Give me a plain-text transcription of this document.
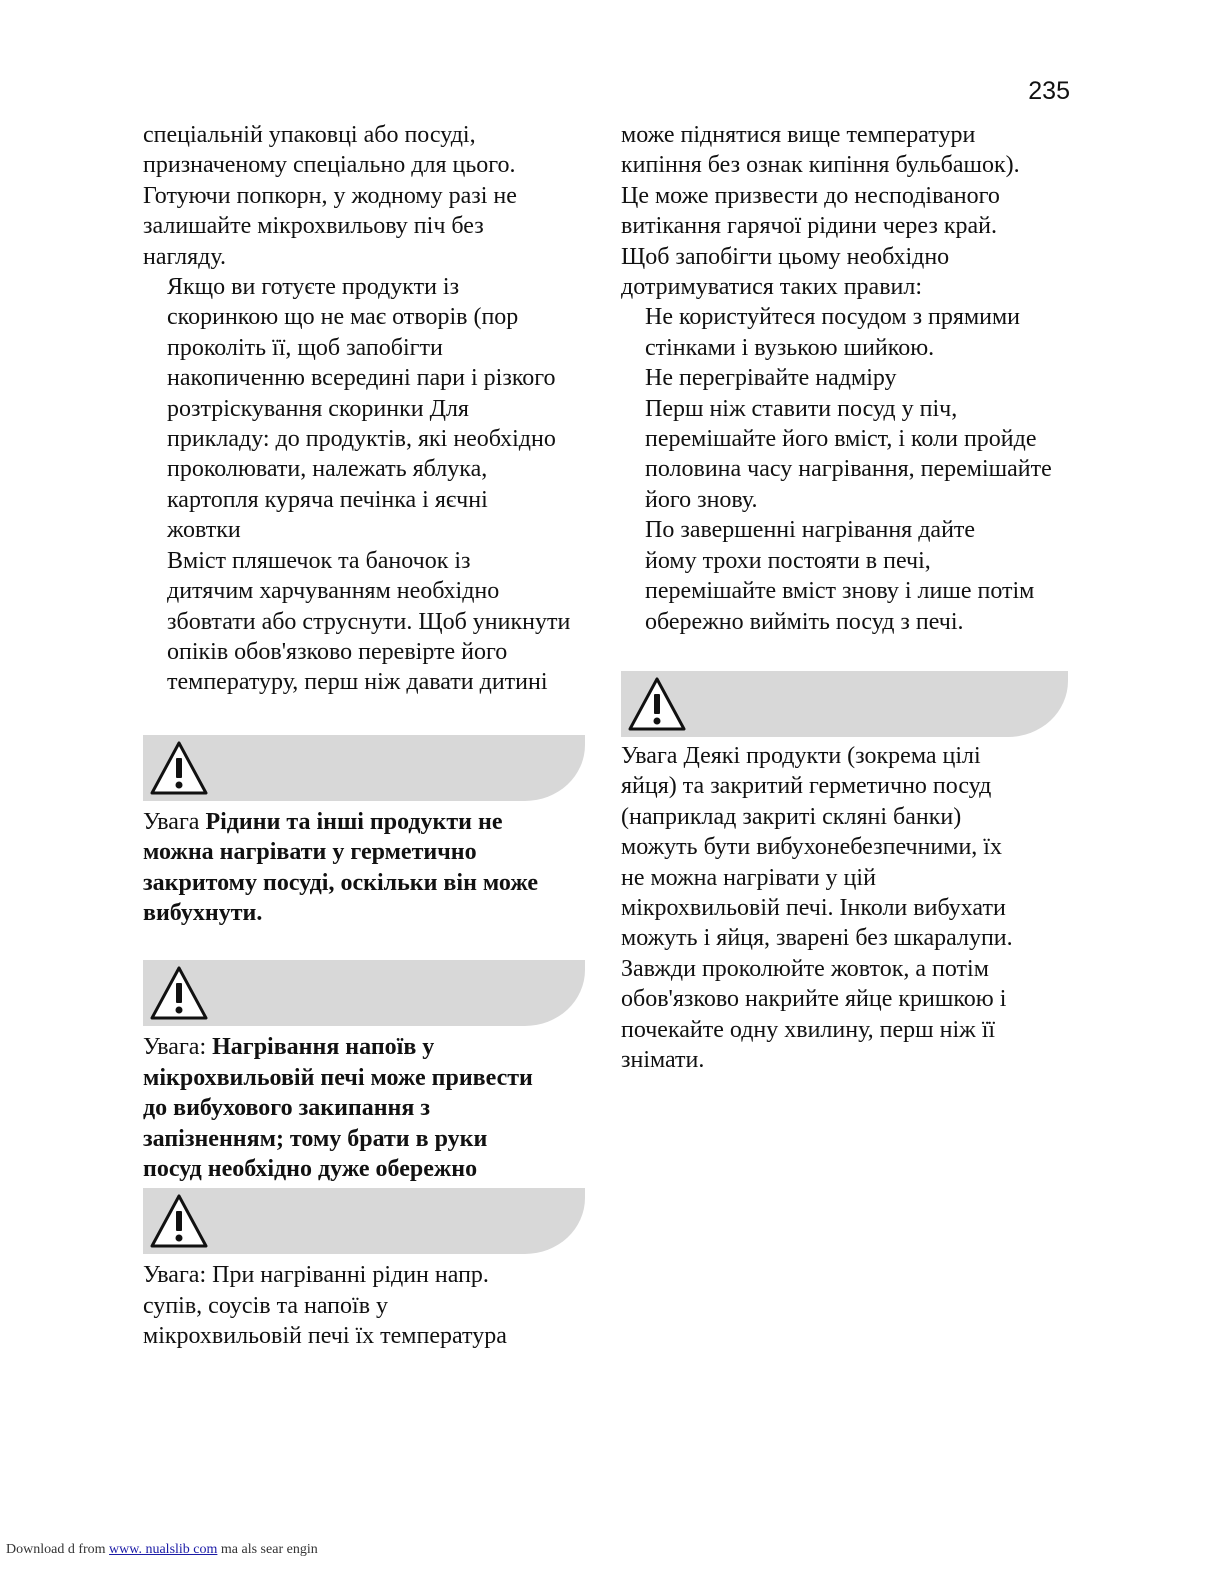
235

спеціальній упаковці або посуді,
призначеному спеціально для цього.
Готуючи попкорн, у жодному разі не
залишайте мікрохвильову піч без
нагляду.

Якщо ви готуєте продукти із
скоринкою що не має отворів (пор
проколіть її, щоб запобігти
накопиченню всередині пари і різкого
розтріскування скоринки Для
прикладу: до продуктів, які необхідно
проколювати, належать яблука,
картопля куряча печінка і яєчні
жовтки

Вміст пляшечок та баночок із
дитячим харчуванням необхідно
збовтати або струснути. Щоб уникнути
опіків обов'язково перевірте його
температуру, перш ніж давати дитині

Увага Рідини та інші продукти не
можна нагрівати у герметично
закритому посуді, оскільки він може
вибухнути.

Увага: Нагрівання напоїв у
мікрохвильовій печі може привести
до вибухового закипання з
запізненням; тому брати в руки
посуд необхідно дуже обережно

Увага: При нагріванні рідин напр.
супів, соусів та напоїв у
мікрохвильовій печі їх температура

може піднятися вище температури
кипіння без ознак кипіння бульбашок).
Це може призвести до несподіваного
витікання гарячої рідини через край.
Щоб запобігти цьому необхідно
дотримуватися таких правил:

Не користуйтеся посудом з прямими
стінками і вузькою шийкою.

Не перегрівайте надміру

Перш ніж ставити посуд у піч,
перемішайте його вміст, і коли пройде
половина часу нагрівання, перемішайте
його знову.

По завершенні нагрівання дайте
йому трохи постояти в печі,
перемішайте вміст знову і лише потім
обережно вийміть посуд з печі.

Увага Деякі продукти (зокрема цілі
яйця) та закритий герметично посуд
(наприклад закриті скляні банки)
можуть бути вибухонебезпечними, їх
не можна нагрівати у цій
мікрохвильовій печі. Інколи вибухати
можуть і яйця, зварені без шкаралупи.
Завжди проколюйте жовток, а потім
обов'язково накрийте яйце кришкою і
почекайте одну хвилину, перш ніж її
знімати.

Download d from www. nualslib com ma als sear engin
